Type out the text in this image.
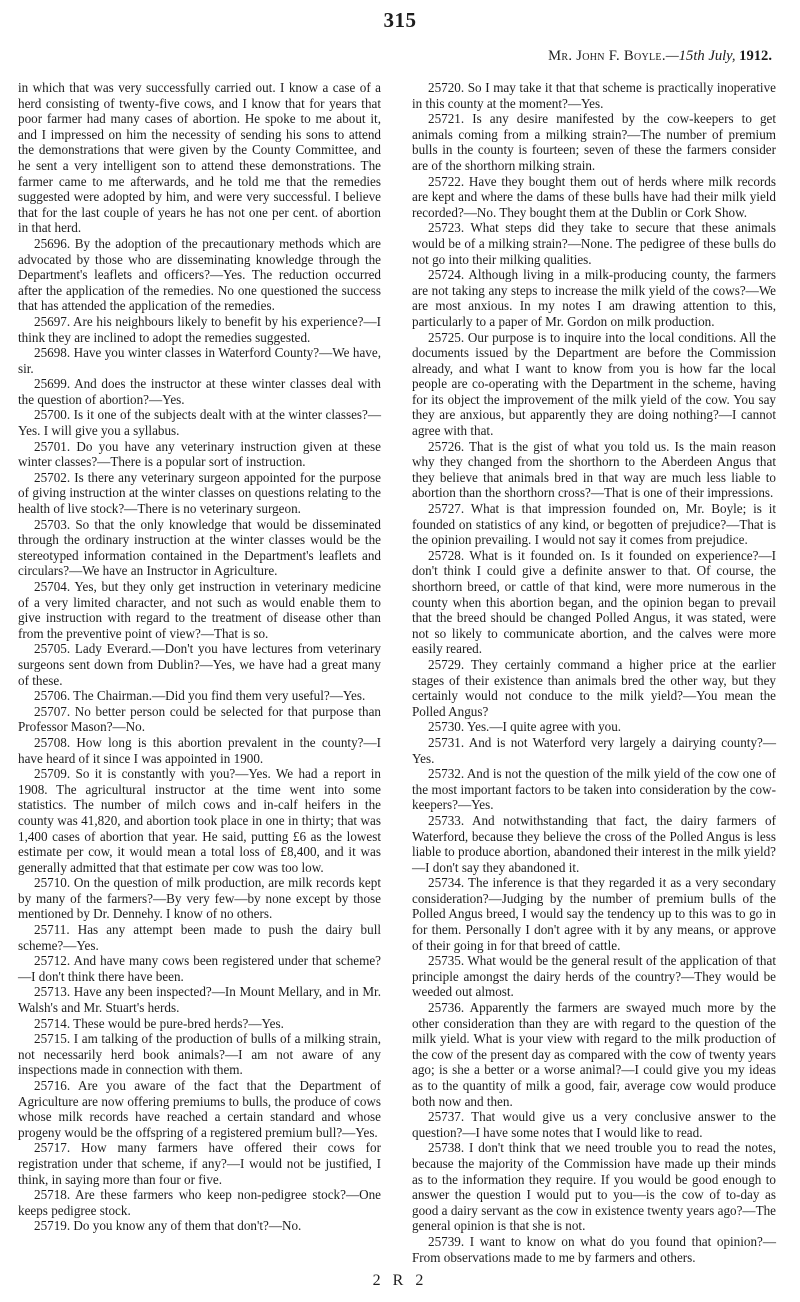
315
Mr. John F. Boyle.—15th July, 1912.

in which that was very successfully carried out. I know a case of a herd consisting of twenty-five cows, and I know that for years that poor farmer had many cases of abortion. He spoke to me about it, and I impressed on him the necessity of sending his sons to attend the demonstrations that were given by the County Committee, and he sent a very intelligent son to attend these demonstrations. The farmer came to me afterwards, and he told me that the remedies suggested were adopted by him, and were very successful. I believe that for the last couple of years he has not one per cent. of abortion in that herd.

25696. By the adoption of the precautionary methods which are advocated by those who are disseminating knowledge through the Department's leaflets and officers?—Yes. The reduction occurred after the application of the remedies. No one questioned the success that has attended the application of the remedies.

25697. Are his neighbours likely to benefit by his experience?—I think they are inclined to adopt the remedies suggested.

25698. Have you winter classes in Waterford County?—We have, sir.

25699. And does the instructor at these winter classes deal with the question of abortion?—Yes.

25700. Is it one of the subjects dealt with at the winter classes?—Yes. I will give you a syllabus.

25701. Do you have any veterinary instruction given at these winter classes?—There is a popular sort of instruction.

25702. Is there any veterinary surgeon appointed for the purpose of giving instruction at the winter classes on questions relating to the health of live stock?—There is no veterinary surgeon.

25703. So that the only knowledge that would be disseminated through the ordinary instruction at the winter classes would be the stereotyped information contained in the Department's leaflets and circulars?—We have an Instructor in Agriculture.

25704. Yes, but they only get instruction in veterinary medicine of a very limited character, and not such as would enable them to give instruction with regard to the treatment of disease other than from the preventive point of view?—That is so.

25705. Lady Everard.—Don't you have lectures from veterinary surgeons sent down from Dublin?—Yes, we have had a great many of these.

25706. The Chairman.—Did you find them very useful?—Yes.

25707. No better person could be selected for that purpose than Professor Mason?—No.

25708. How long is this abortion prevalent in the county?—I have heard of it since I was appointed in 1900.

25709. So it is constantly with you?—Yes. We had a report in 1908. The agricultural instructor at the time went into some statistics. The number of milch cows and in-calf heifers in the county was 41,820, and abortion took place in one in thirty; that was 1,400 cases of abortion that year. He said, putting £6 as the lowest estimate per cow, it would mean a total loss of £8,400, and it was generally admitted that that estimate per cow was too low.

25710. On the question of milk production, are milk records kept by many of the farmers?—By very few—by none except by those mentioned by Dr. Dennehy. I know of no others.

25711. Has any attempt been made to push the dairy bull scheme?—Yes.

25712. And have many cows been registered under that scheme?—I don't think there have been.

25713. Have any been inspected?—In Mount Mellary, and in Mr. Walsh's and Mr. Stuart's herds.

25714. These would be pure-bred herds?—Yes.

25715. I am talking of the production of bulls of a milking strain, not necessarily herd book animals?—I am not aware of any inspections made in connection with them.

25716. Are you aware of the fact that the Department of Agriculture are now offering premiums to bulls, the produce of cows whose milk records have reached a certain standard and whose progeny would be the offspring of a registered premium bull?—Yes.

25717. How many farmers have offered their cows for registration under that scheme, if any?—I would not be justified, I think, in saying more than four or five.

25718. Are these farmers who keep non-pedigree stock?—One keeps pedigree stock.

25719. Do you know any of them that don't?—No.

25720. So I may take it that that scheme is practically inoperative in this county at the moment?—Yes.

25721. Is any desire manifested by the cow-keepers to get animals coming from a milking strain?—The number of premium bulls in the county is fourteen; seven of these the farmers consider are of the shorthorn milking strain.

25722. Have they bought them out of herds where milk records are kept and where the dams of these bulls have had their milk yield recorded?—No. They bought them at the Dublin or Cork Show.

25723. What steps did they take to secure that these animals would be of a milking strain?—None. The pedigree of these bulls do not go into their milking qualities.

25724. Although living in a milk-producing county, the farmers are not taking any steps to increase the milk yield of the cows?—We are most anxious. In my notes I am drawing attention to this, particularly to a paper of Mr. Gordon on milk production.

25725. Our purpose is to inquire into the local conditions. All the documents issued by the Department are before the Commission already, and what I want to know from you is how far the local people are co-operating with the Department in the scheme, having for its object the improvement of the milk yield of the cow. You say they are anxious, but apparently they are doing nothing?—I cannot agree with that.

25726. That is the gist of what you told us. Is the main reason why they changed from the shorthorn to the Aberdeen Angus that they believe that animals bred in that way are much less liable to abortion than the shorthorn cross?—That is one of their impressions.

25727. What is that impression founded on, Mr. Boyle; is it founded on statistics of any kind, or begotten of prejudice?—That is the opinion prevailing. I would not say it comes from prejudice.

25728. What is it founded on. Is it founded on experience?—I don't think I could give a definite answer to that. Of course, the shorthorn breed, or cattle of that kind, were more numerous in the county when this abortion began, and the opinion began to prevail that the breed should be changed Polled Angus, it was stated, were not so likely to communicate abortion, and the calves were more easily reared.

25729. They certainly command a higher price at the earlier stages of their existence than animals bred the other way, but they certainly would not conduce to the milk yield?—You mean the Polled Angus?

25730. Yes.—I quite agree with you.

25731. And is not Waterford very largely a dairying county?—Yes.

25732. And is not the question of the milk yield of the cow one of the most important factors to be taken into consideration by the cow-keepers?—Yes.

25733. And notwithstanding that fact, the dairy farmers of Waterford, because they believe the cross of the Polled Angus is less liable to produce abortion, abandoned their interest in the milk yield?—I don't say they abandoned it.

25734. The inference is that they regarded it as a very secondary consideration?—Judging by the number of premium bulls of the Polled Angus breed, I would say the tendency up to this was to go in for them. Personally I don't agree with it by any means, or approve of their going in for that breed of cattle.

25735. What would be the general result of the application of that principle amongst the dairy herds of the country?—They would be weeded out almost.

25736. Apparently the farmers are swayed much more by the other consideration than they are with regard to the question of the milk yield. What is your view with regard to the milk production of the cow of the present day as compared with the cow of twenty years ago; is she a better or a worse animal?—I could give you my ideas as to the quantity of milk a good, fair, average cow would produce both now and then.

25737. That would give us a very conclusive answer to the question?—I have some notes that I would like to read.

25738. I don't think that we need trouble you to read the notes, because the majority of the Commission have made up their minds as to the information they require. If you would be good enough to answer the question I would put to you—is the cow of to-day as good a dairy servant as the cow in existence twenty years ago?—The general opinion is that she is not.

25739. I want to know on what do you found that opinion?—From observations made to me by farmers and others.

2 R 2
